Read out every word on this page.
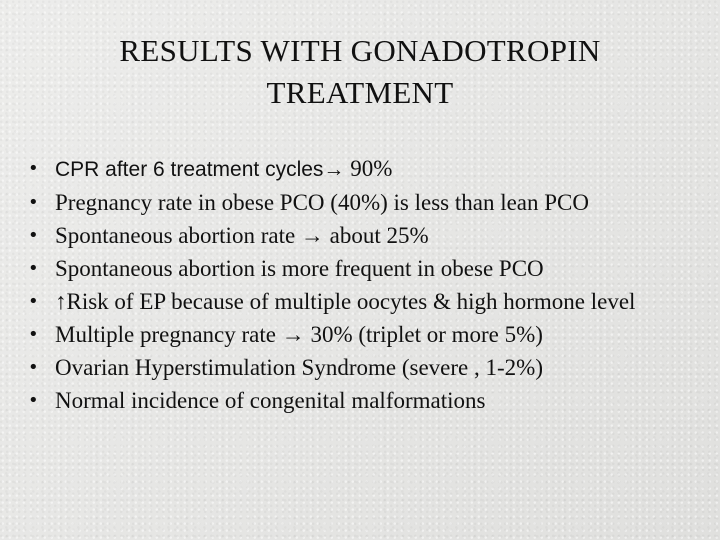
RESULTS WITH GONADOTROPIN
TREATMENT
• CPR after 6 treatment cycles→ 90%
• Pregnancy rate in obese PCO (40%) is less than lean PCO
• Spontaneous abortion rate → about 25%
• Spontaneous abortion is more frequent in obese PCO
• ↑Risk of EP because of multiple oocytes & high hormone level
• Multiple pregnancy rate → 30% (triplet or more 5%)
• Ovarian Hyperstimulation Syndrome (severe , 1-2%)
• Normal incidence of congenital malformations
